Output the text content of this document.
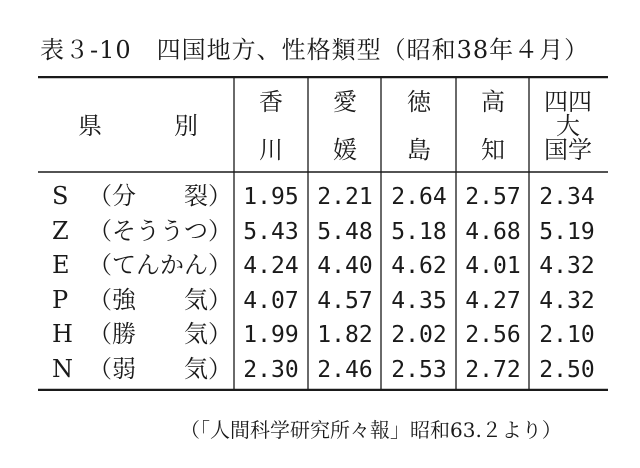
表３-10　四国地方、性格類型（昭和38年４月）
県　　　別
香
川
愛
媛
徳
島
高
知
四四
大
国学
S （分　　裂） 1.95 2.21 2.64 2.57 2.34
Z （そううつ） 5.43 5.48 5.18 4.68 5.19
E （てんかん） 4.24 4.40 4.62 4.01 4.32
P （強　　気） 4.07 4.57 4.35 4.27 4.32
H （勝　　気） 1.99 1.82 2.02 2.56 2.10
N （弱　　気） 2.30 2.46 2.53 2.72 2.50
（「人間科学研究所々報」昭和63.２より）
